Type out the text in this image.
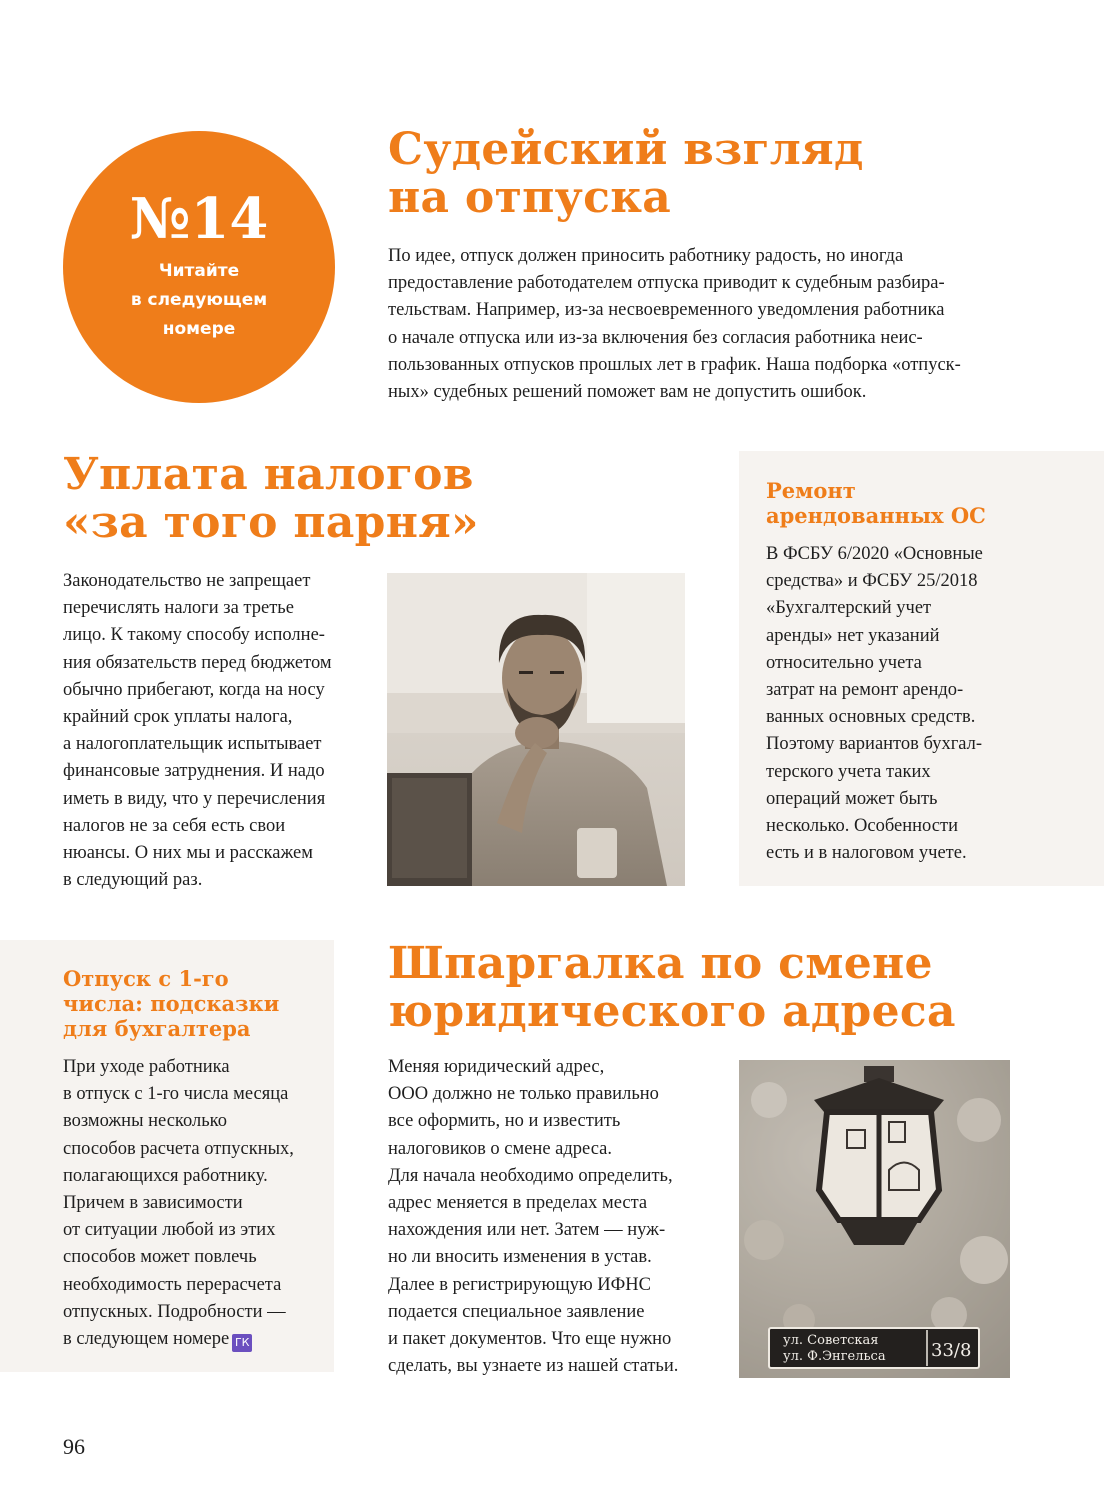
№14
Читайте
в следующем
номере
Судейский взгляд
на отпуска
По идее, отпуск должен приносить работнику радость, но иногда
предоставление работодателем отпуска приводит к судебным разбира-
тельствам. Например, из-за несвоевременного уведомления работника
о начале отпуска или из-за включения без согласия работника неис-
пользованных отпусков прошлых лет в график. Наша подборка «отпуск-
ных» судебных решений поможет вам не допустить ошибок.
Уплата налогов
«за того парня»
Законодательство не запрещает
перечислять налоги за третье
лицо. К такому способу исполне-
ния обязательств перед бюджетом
обычно прибегают, когда на носу
крайний срок уплаты налога,
а налогоплательщик испытывает
финансовые затруднения. И надо
иметь в виду, что у перечисления
налогов не за себя есть свои
нюансы. О них мы и расскажем
в следующий раз.
Ремонт
арендованных ОС
В ФСБУ 6/2020 «Основные
средства» и ФСБУ 25/2018
«Бухгалтерский учет
аренды» нет указаний
относительно учета
затрат на ремонт арендо-
ванных основных средств.
Поэтому вариантов бухгал-
терского учета таких
операций может быть
несколько. Особенности
есть и в налоговом учете.
Отпуск с 1-го
числа: подсказки
для бухгалтера
При уходе работника
в отпуск с 1-го числа месяца
возможны несколько
способов расчета отпускных,
полагающихся работнику.
Причем в зависимости
от ситуации любой из этих
способов может повлечь
необходимость перерасчета
отпускных. Подробности —
в следующем номере ГК
Шпаргалка по смене
юридического адреса
Меняя юридический адрес,
ООО должно не только правильно
все оформить, но и известить
налоговиков о смене адреса.
Для начала необходимо определить,
адрес меняется в пределах места
нахождения или нет. Затем — нуж-
но ли вносить изменения в устав.
Далее в регистрирующую ИФНС
подается специальное заявление
и пакет документов. Что еще нужно
сделать, вы узнаете из нашей статьи.
ул. Советская
ул. Ф.Энгельса	33/8
96
